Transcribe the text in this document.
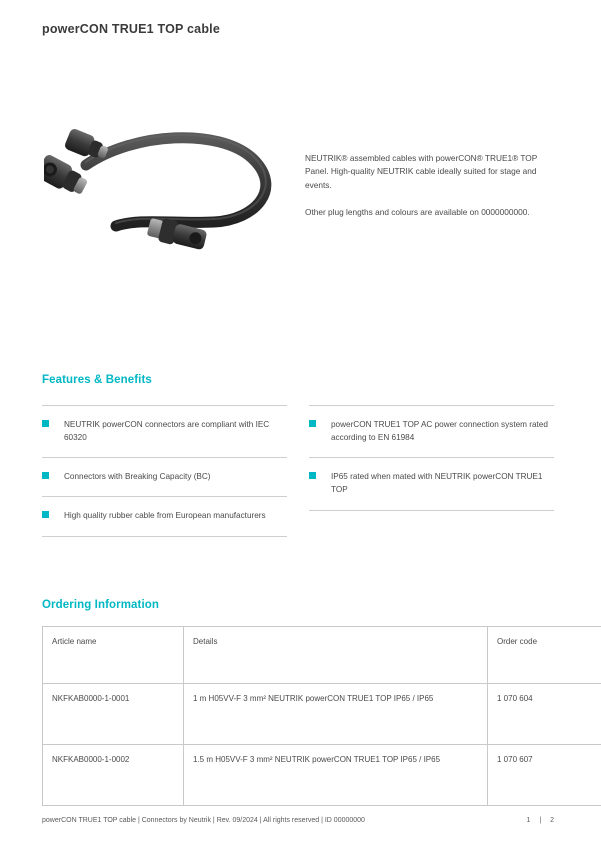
powerCON TRUE1 TOP cable

NEUTRIK® assembled cables with powerCON® TRUE1® TOP Panel. High-quality NEUTRIK cable ideally suited for stage and events.

Other plug lengths and colours are available on 0000000000.

Features & Benefits
NEUTRIK powerCON connectors are compliant with IEC 60320
Connectors with Breaking Capacity (BC)
High quality rubber cable from European manufacturers
powerCON TRUE1 TOP AC power connection system rated according to EN 61984
IP65 rated when mated with NEUTRIK powerCON TRUE1 TOP
Ordering Information
Article name	Details	Order code
NKFKAB0000-1-0001	1 m H05VV-F 3 mm² NEUTRIK powerCON TRUE1 TOP IP65 / IP65	1 070 604
NKFKAB0000-1-0002	1.5 m H05VV-F 3 mm² NEUTRIK powerCON TRUE1 TOP IP65 / IP65	1 070 607
powerCON TRUE1 TOP cable | Connectors by Neutrik | Rev. 09/2024 | All rights reserved | ID 00000000	1 | 2
